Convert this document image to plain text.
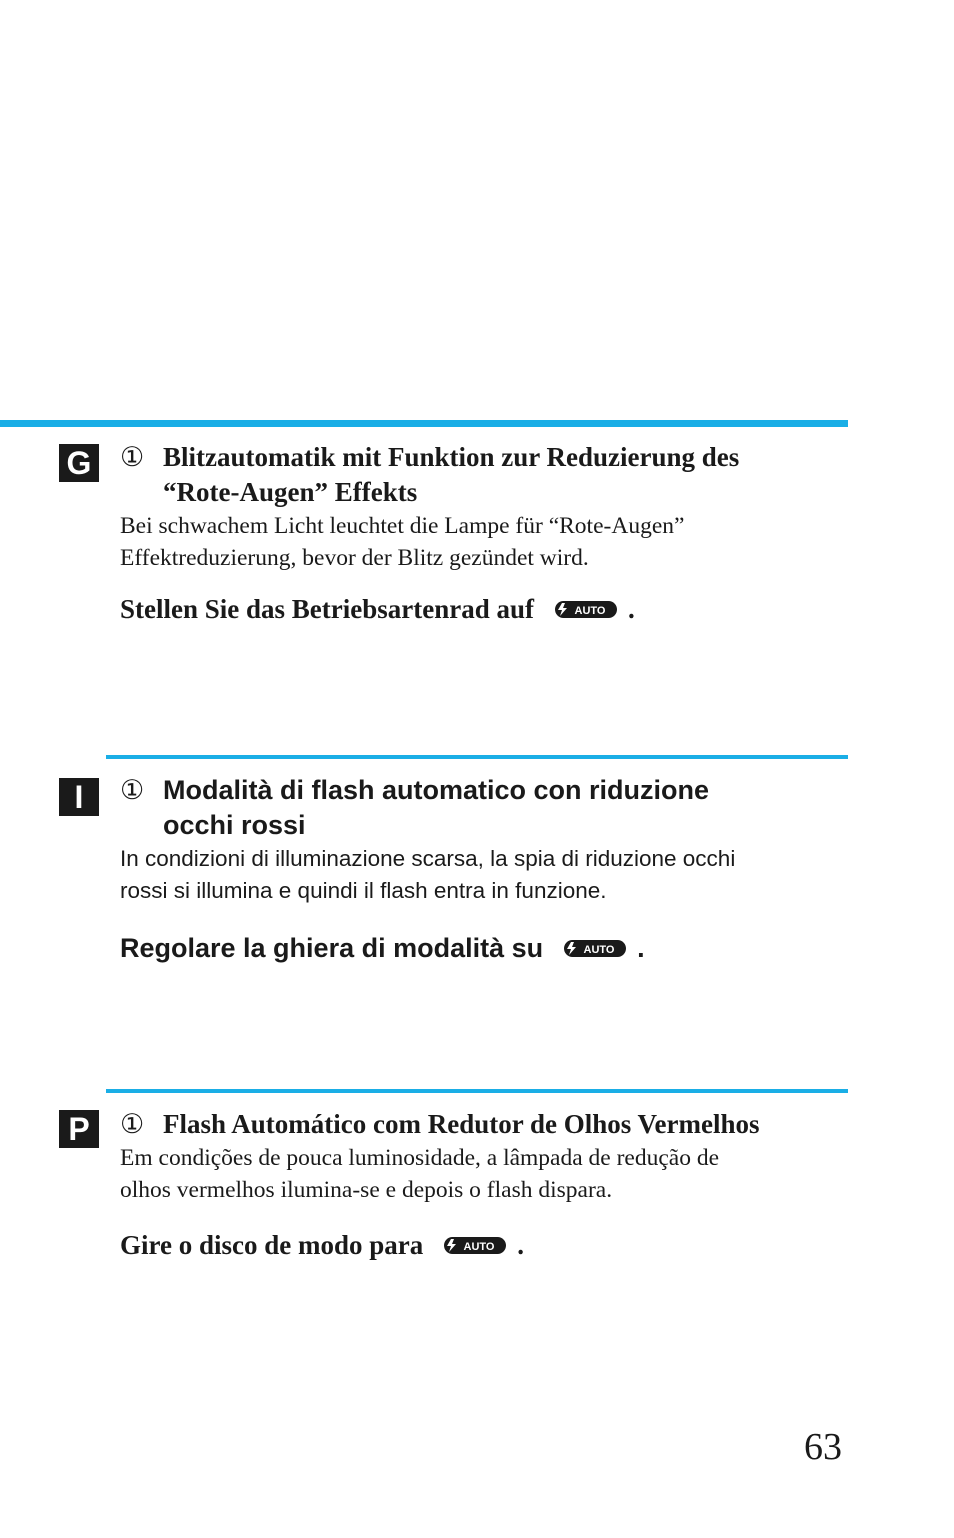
G ① Blitzautomatik mit Funktion zur Reduzierung des
“Rote-Augen” Effekts

Bei schwachem Licht leuchtet die Lampe für “Rote-Augen”
Effektreduzierung, bevor der Blitz gezündet wird.

Stellen Sie das Betriebsartenrad auf	AUTO .

I	① Modalità di flash automatico con riduzione
occhi rossi

In condizioni di illuminazione scarsa, la spia di riduzione occhi
rossi si illumina e quindi il flash entra in funzione.

Regolare la ghiera di modalità su	AUTO .

P	① Flash Automático com Redutor de Olhos Vermelhos

Em condições de pouca luminosidade, a lâmpada de redução de
olhos vermelhos ilumina-se e depois o flash dispara.

Gire o disco de modo para	AUTO .

63
